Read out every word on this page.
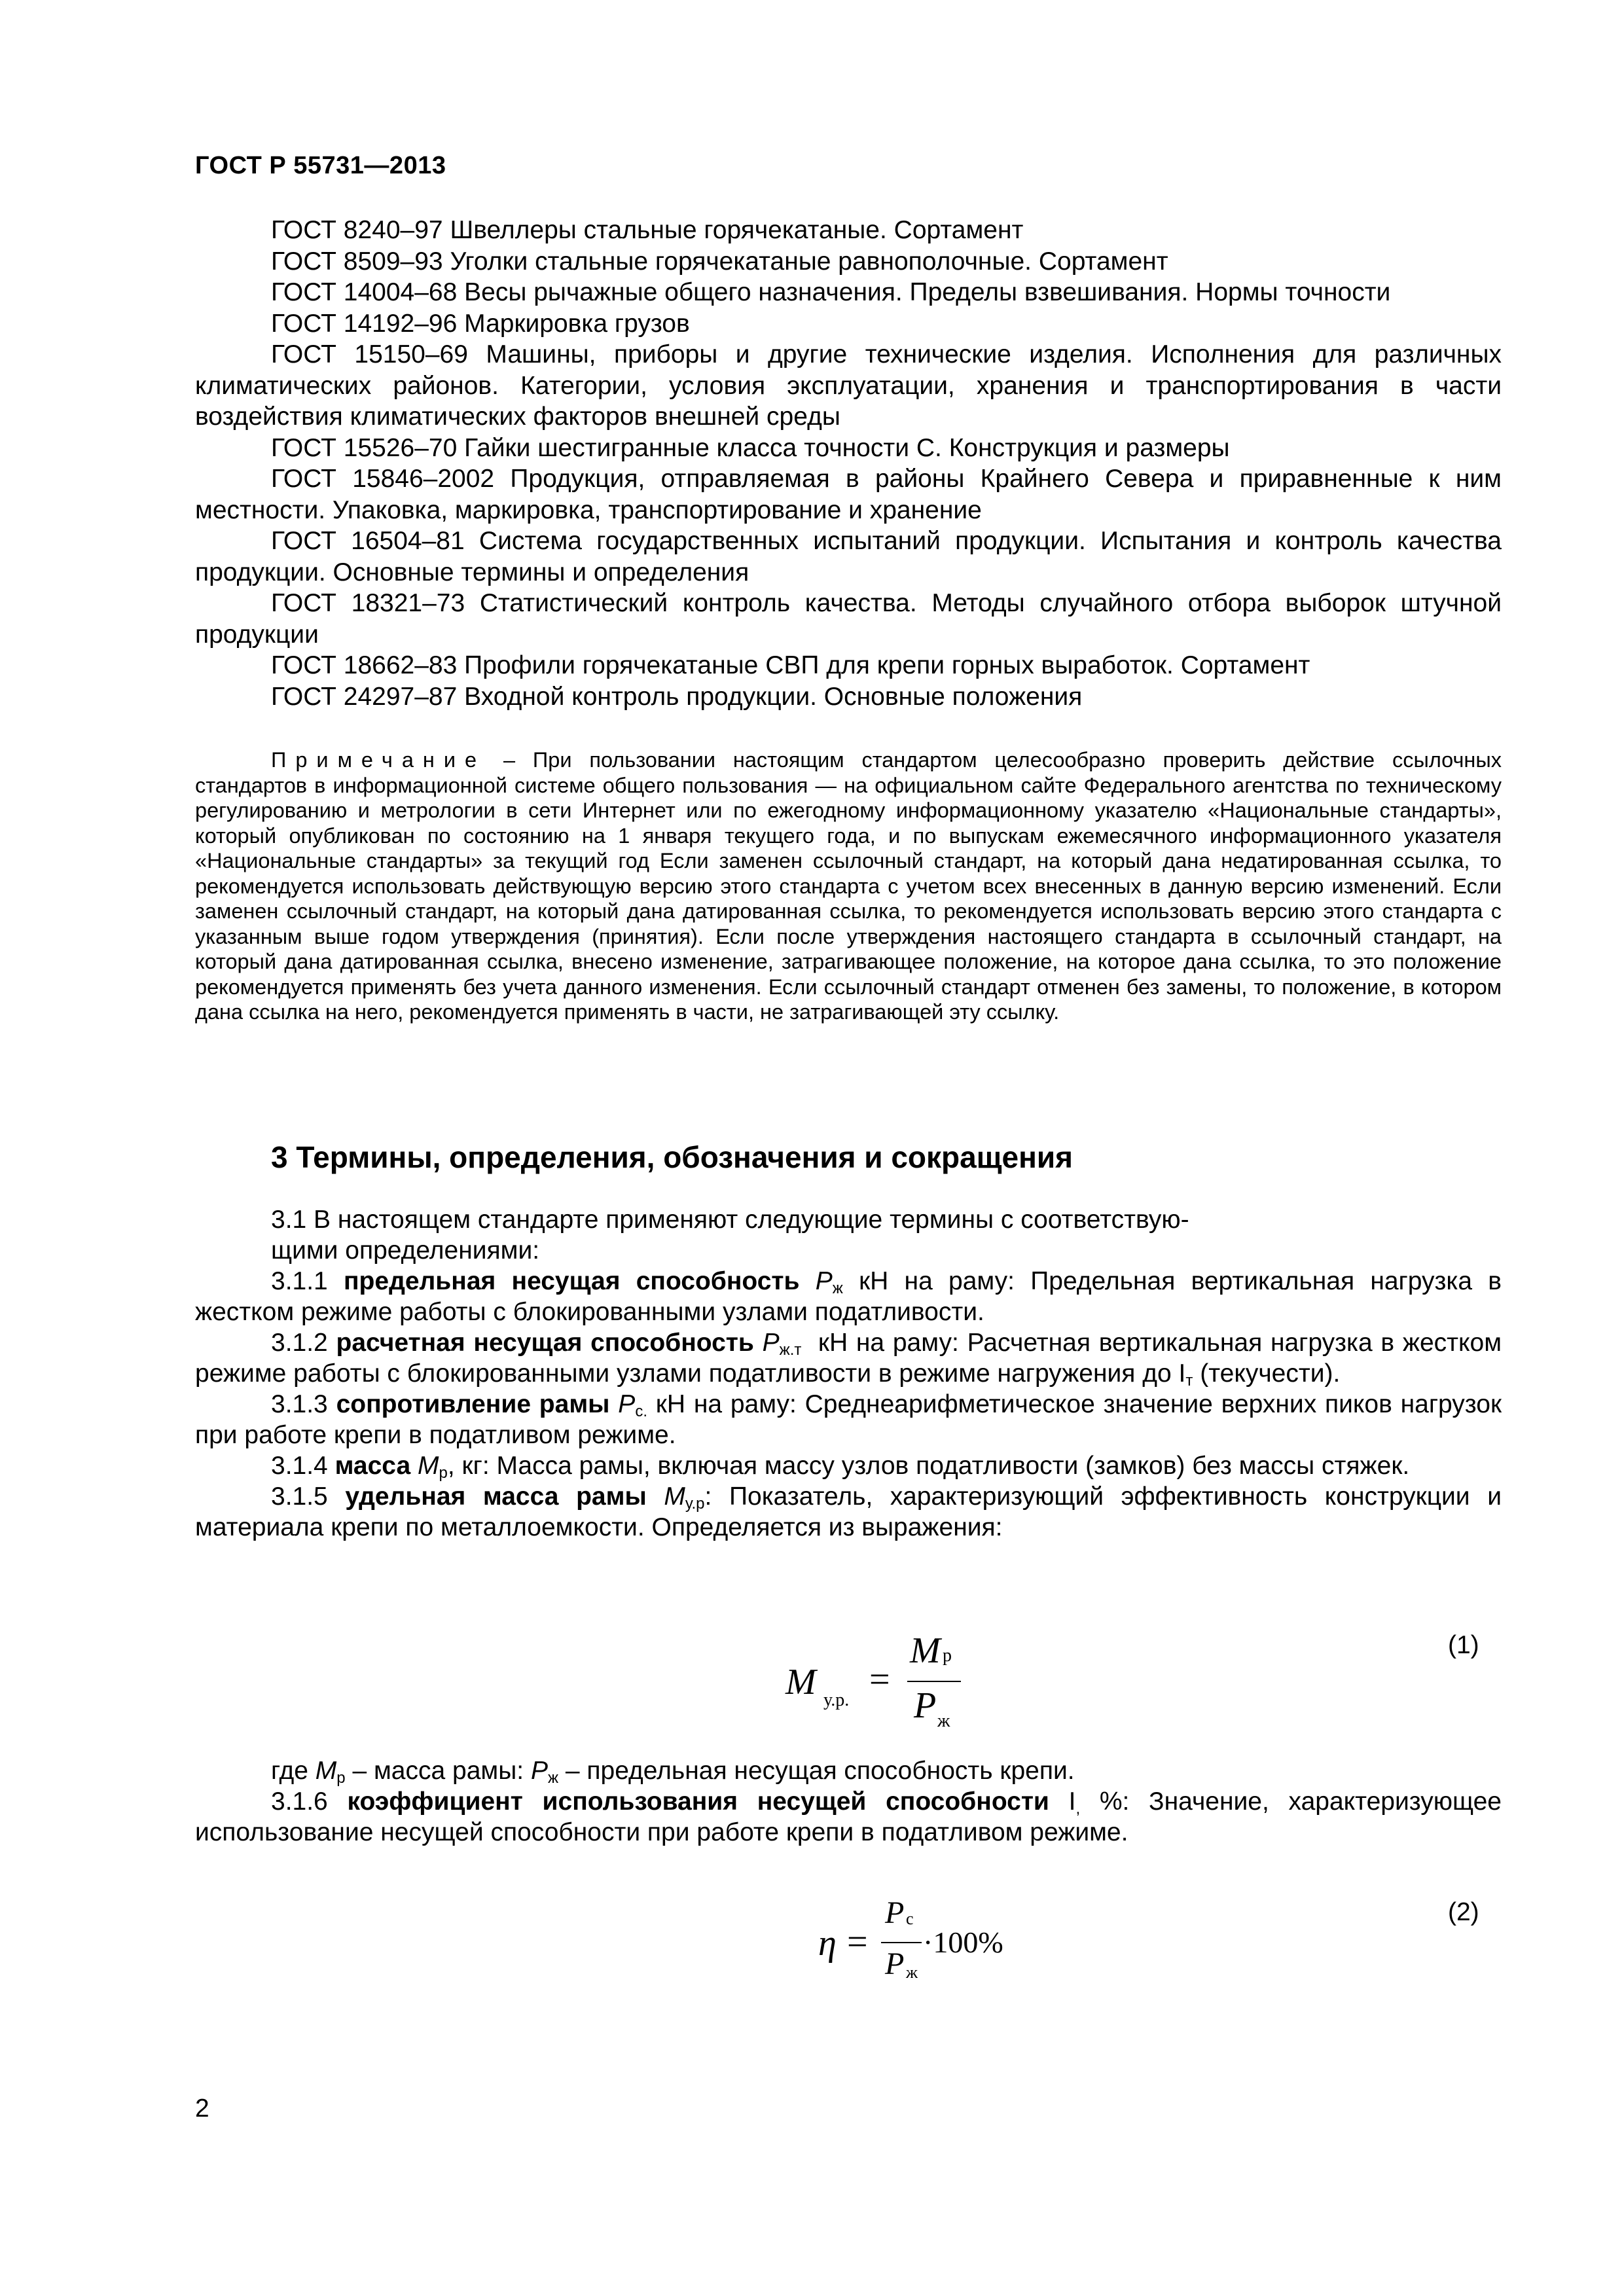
ГОСТ Р 55731—2013

ГОСТ 8240–97 Швеллеры стальные горячекатаные. Сортамент

ГОСТ 8509–93 Уголки стальные горячекатаные равнополочные. Сортамент

ГОСТ 14004–68 Весы рычажные общего назначения. Пределы взвешивания. Нормы точности

ГОСТ 14192–96 Маркировка грузов

ГОСТ 15150–69 Машины, приборы и другие технические изделия. Исполнения для различных климатических районов. Категории, условия эксплуатации, хранения и транспортирования в части воздействия климатических факторов внешней среды

ГОСТ 15526–70 Гайки шестигранные класса точности С. Конструкция и размеры

ГОСТ 15846–2002 Продукция, отправляемая в районы Крайнего Севера и приравненные к ним местности. Упаковка, маркировка, транспортирование и хранение

ГОСТ 16504–81 Система государственных испытаний продукции. Испытания и контроль качества продукции. Основные термины и определения

ГОСТ 18321–73 Статистический контроль качества. Методы случайного отбора выборок штучной продукции

ГОСТ 18662–83 Профили горячекатаные СВП для крепи горных выработок. Сортамент

ГОСТ 24297–87 Входной контроль продукции. Основные положения

Примечание – При пользовании настоящим стандартом целесообразно проверить действие ссылочных стандартов в информационной системе общего пользования — на официальном сайте Федерального агентства по техническому регулированию и метрологии в сети Интернет или по ежегодному информационному указателю «Национальные стандарты», который опубликован по состоянию на 1 января текущего года, и по выпускам ежемесячного информационного указателя «Национальные стандарты» за текущий год Если заменен ссылочный стандарт, на который дана недатированная ссылка, то рекомендуется использовать действующую версию этого стандарта с учетом всех внесенных в данную версию изменений. Если заменен ссылочный стандарт, на который дана датированная ссылка, то рекомендуется использовать версию этого стандарта с указанным выше годом утверждения (принятия). Если после утверждения настоящего стандарта в ссылочный стандарт, на который дана датированная ссылка, внесено изменение, затрагивающее положение, на которое дана ссылка, то это положение рекомендуется применять без учета данного изменения. Если ссылочный стандарт отменен без замены, то положение, в котором дана ссылка на него, рекомендуется применять в части, не затрагивающей эту ссылку.

3 Термины, определения, обозначения и сокращения

3.1 В настоящем стандарте применяют следующие термины с соответствую-

щими определениями:

3.1.1 предельная несущая способность $P_ж$ кН на раму: Предельная вертикальная нагрузка в жестком режиме работы с блокированными узлами податливости.

3.1.2 расчетная несущая способность $P_{ж.т}$ кН на раму: Расчетная вертикальная нагрузка в жестком режиме работы с блокированными узлами податливости в режиме нагружения до $I_т$ (текучести).

3.1.3 сопротивление рамы $P_{с.}$ кН на раму: Среднеарифметическое значение верхних пиков нагрузок при работе крепи в податливом режиме.

3.1.4 масса $M_р$, кг: Масса рамы, включая массу узлов податливости (замков) без массы стяжек.

3.1.5 удельная масса рамы $M_{у.р}$: Показатель, характеризующий эффективность конструкции и материала крепи по металлоемкости. Определяется из выражения:

M у.р.
=
M р
P ж
(1)

где $M_р$ – масса рамы: $P_ж$ – предельная несущая способность крепи.

3.1.6 коэффициент использования несущей способности $I_,$ %: Значение, характеризующее использование несущей способности при работе крепи в податливом режиме.

η =
P с
P ж
·100%
(2)
2
